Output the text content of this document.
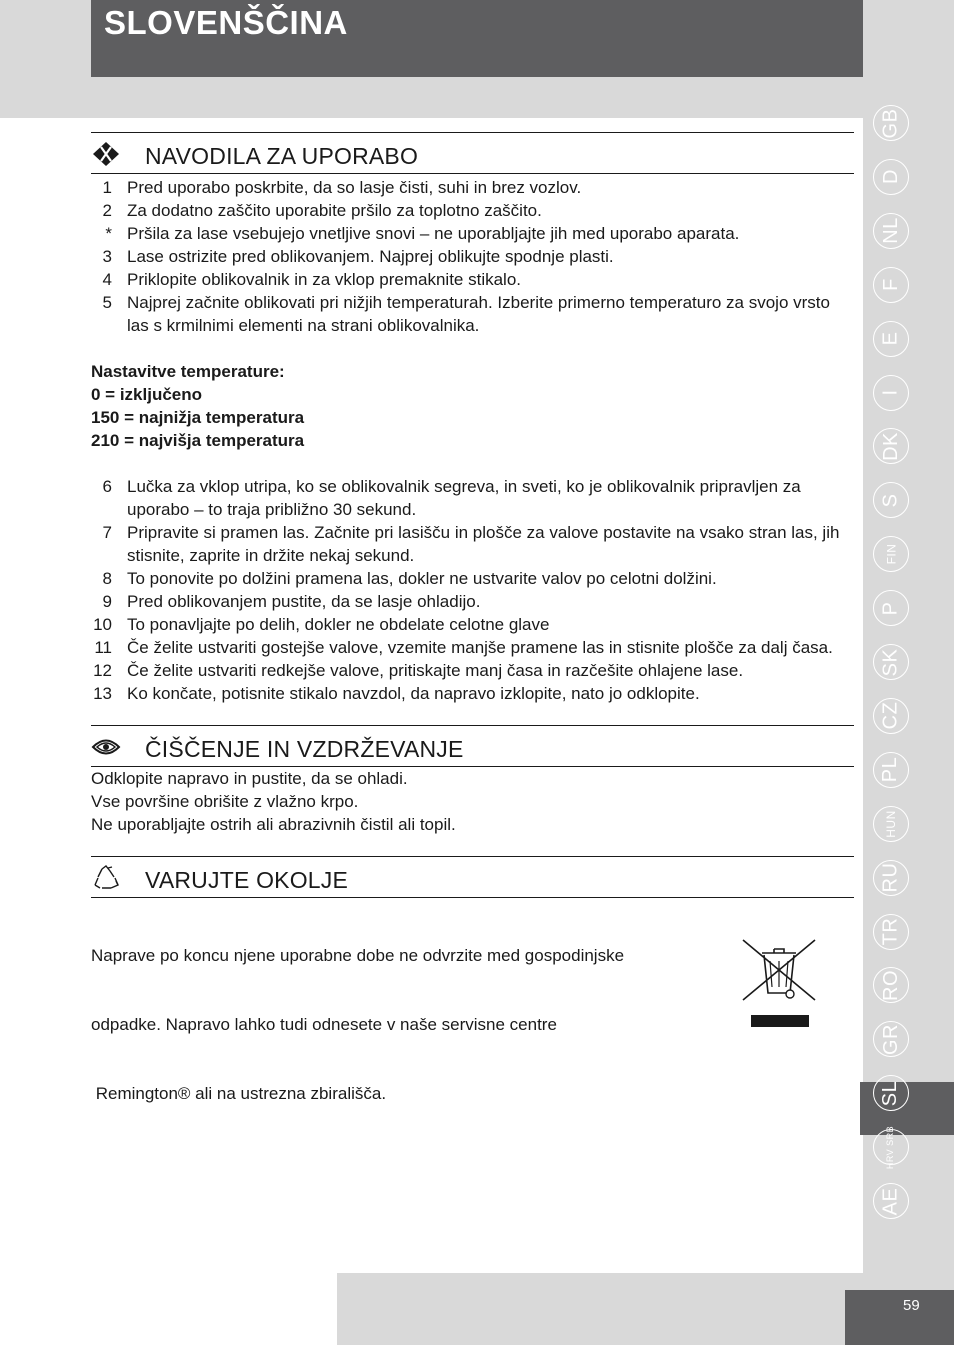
SLOVENŠČINA
NAVODILA ZA UPORABO
1 Pred uporabo poskrbite, da so lasje čisti, suhi in brez vozlov.
2 Za dodatno zaščito uporabite pršilo za toplotno zaščito.
* Pršila za lase vsebujejo vnetljive snovi – ne uporabljajte jih med uporabo aparata.
3 Lase ostrizite pred oblikovanjem. Najprej oblikujte spodnje plasti.
4 Priklopite oblikovalnik in za vklop premaknite stikalo.
5 Najprej začnite oblikovati pri nižjih temperaturah. Izberite primerno temperaturo za svojo vrsto las s krmilnimi elementi na strani oblikovalnika.
Nastavitve temperature:
0 = izključeno
150 = najnižja temperatura
210 = najvišja temperatura
6 Lučka za vklop utripa, ko se oblikovalnik segreva, in sveti, ko je oblikovalnik pripravljen za uporabo – to traja približno 30 sekund.
7 Pripravite si pramen las. Začnite pri lasišču in plošče za valove postavite na vsako stran las, jih stisnite, zaprite in držite nekaj sekund.
8 To ponovite po dolžini pramena las, dokler ne ustvarite valov po celotni dolžini.
9 Pred oblikovanjem pustite, da se lasje ohladijo.
10 To ponavljajte po delih, dokler ne obdelate celotne glave
11 Če želite ustvariti gostejše valove, vzemite manjše pramene las in stisnite plošče za dalj časa.
12 Če želite ustvariti redkejše valove, pritiskajte manj časa in razčešite ohlajene lase.
13 Ko končate, potisnite stikalo navzdol, da napravo izklopite, nato jo odklopite.
ČIŠČENJE IN VZDRŽEVANJE
Odklopite napravo in pustite, da se ohladi.
Vse površine obrišite z vlažno krpo.
Ne uporabljajte ostrih ali abrazivnih čistil ali topil.
VARUJTE OKOLJE

Naprave po koncu njene uporabne dobe ne odvrzite med gospodinjske

odpadke. Napravo lahko tudi odnesete v naše servisne centre

Remington® ali na ustrezna zbirališča.

GB
D
NL
F
E
I
DK
S
FIN
P
SK
CZ
PL
HUN
RU
TR
RO
GR
SL
HRV SRB
AE
59
